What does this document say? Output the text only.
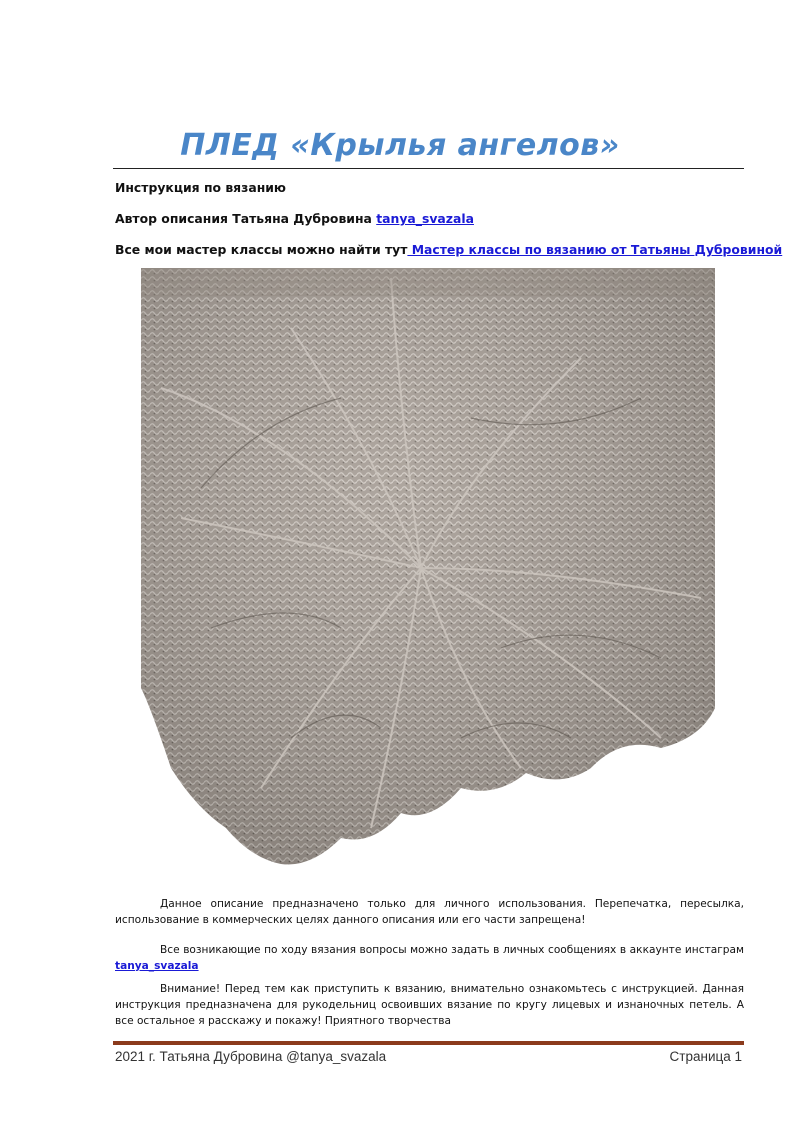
ПЛЕД «Крылья ангелов»
Инструкция по вязанию
Автор описания Татьяна Дубровина tanya_svazala
Все мои мастер классы можно найти тут Мастер классы по вязанию от Татьяны Дубровиной
Данное описание предназначено только для личного использования. Перепечатка, пересылка, использование в коммерческих целях данного описания или его части запрещена!
Все возникающие по ходу вязания вопросы можно задать в личных сообщениях в аккаунте инстаграм tanya_svazala
Внимание! Перед тем как приступить к вязанию, внимательно ознакомьтесь с инструкцией. Данная инструкция предназначена для рукодельниц освоивших вязание по кругу лицевых и изнаночных петель. А все остальное я расскажу и покажу! Приятного творчества
2021 г. Татьяна Дубровина @tanya_svazala	Страница 1
